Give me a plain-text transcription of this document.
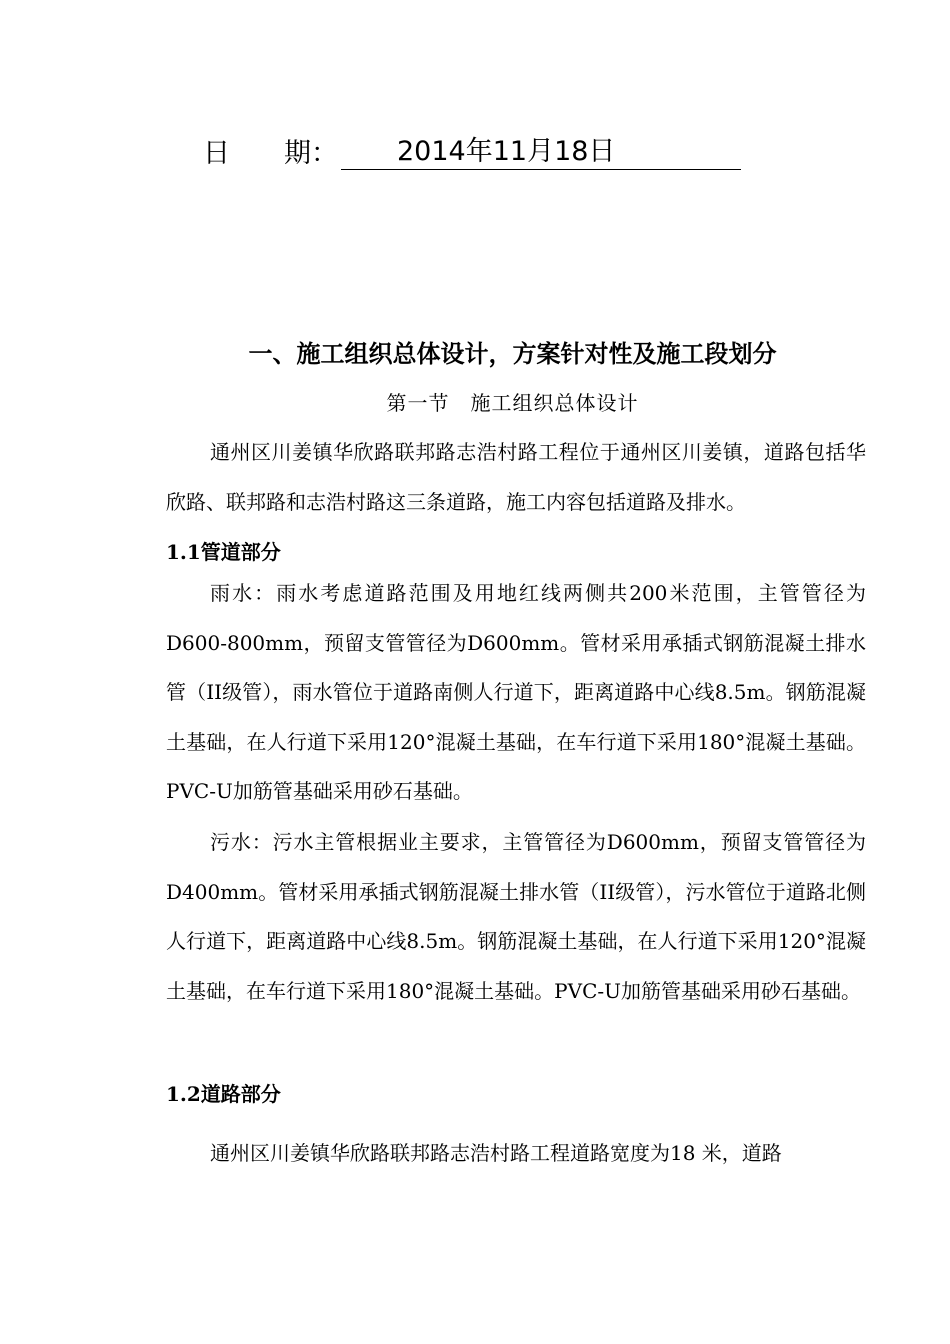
日　　期：	2014年11月18日
一、施工组织总体设计，方案针对性及施工段划分
第一节　施工组织总体设计

通州区川姜镇华欣路联邦路志浩村路工程位于通州区川姜镇，道路包括华欣路、联邦路和志浩村路这三条道路，施工内容包括道路及排水。

1.1管道部分

雨水：雨水考虑道路范围及用地红线两侧共200米范围，主管管径为D600-800mm，预留支管管径为D600mm。管材采用承插式钢筋混凝土排水管（II级管），雨水管位于道路南侧人行道下，距离道路中心线8.5m。钢筋混凝土基础，在人行道下采用120°混凝土基础，在车行道下采用180°混凝土基础。PVC-U加筋管基础采用砂石基础。

污水：污水主管根据业主要求，主管管径为D600mm，预留支管管径为D400mm。管材采用承插式钢筋混凝土排水管（II级管），污水管位于道路北侧人行道下，距离道路中心线8.5m。钢筋混凝土基础，在人行道下采用120°混凝土基础，在车行道下采用180°混凝土基础。PVC-U加筋管基础采用砂石基础。

1.2道路部分

通州区川姜镇华欣路联邦路志浩村路工程道路宽度为18 米，道路
